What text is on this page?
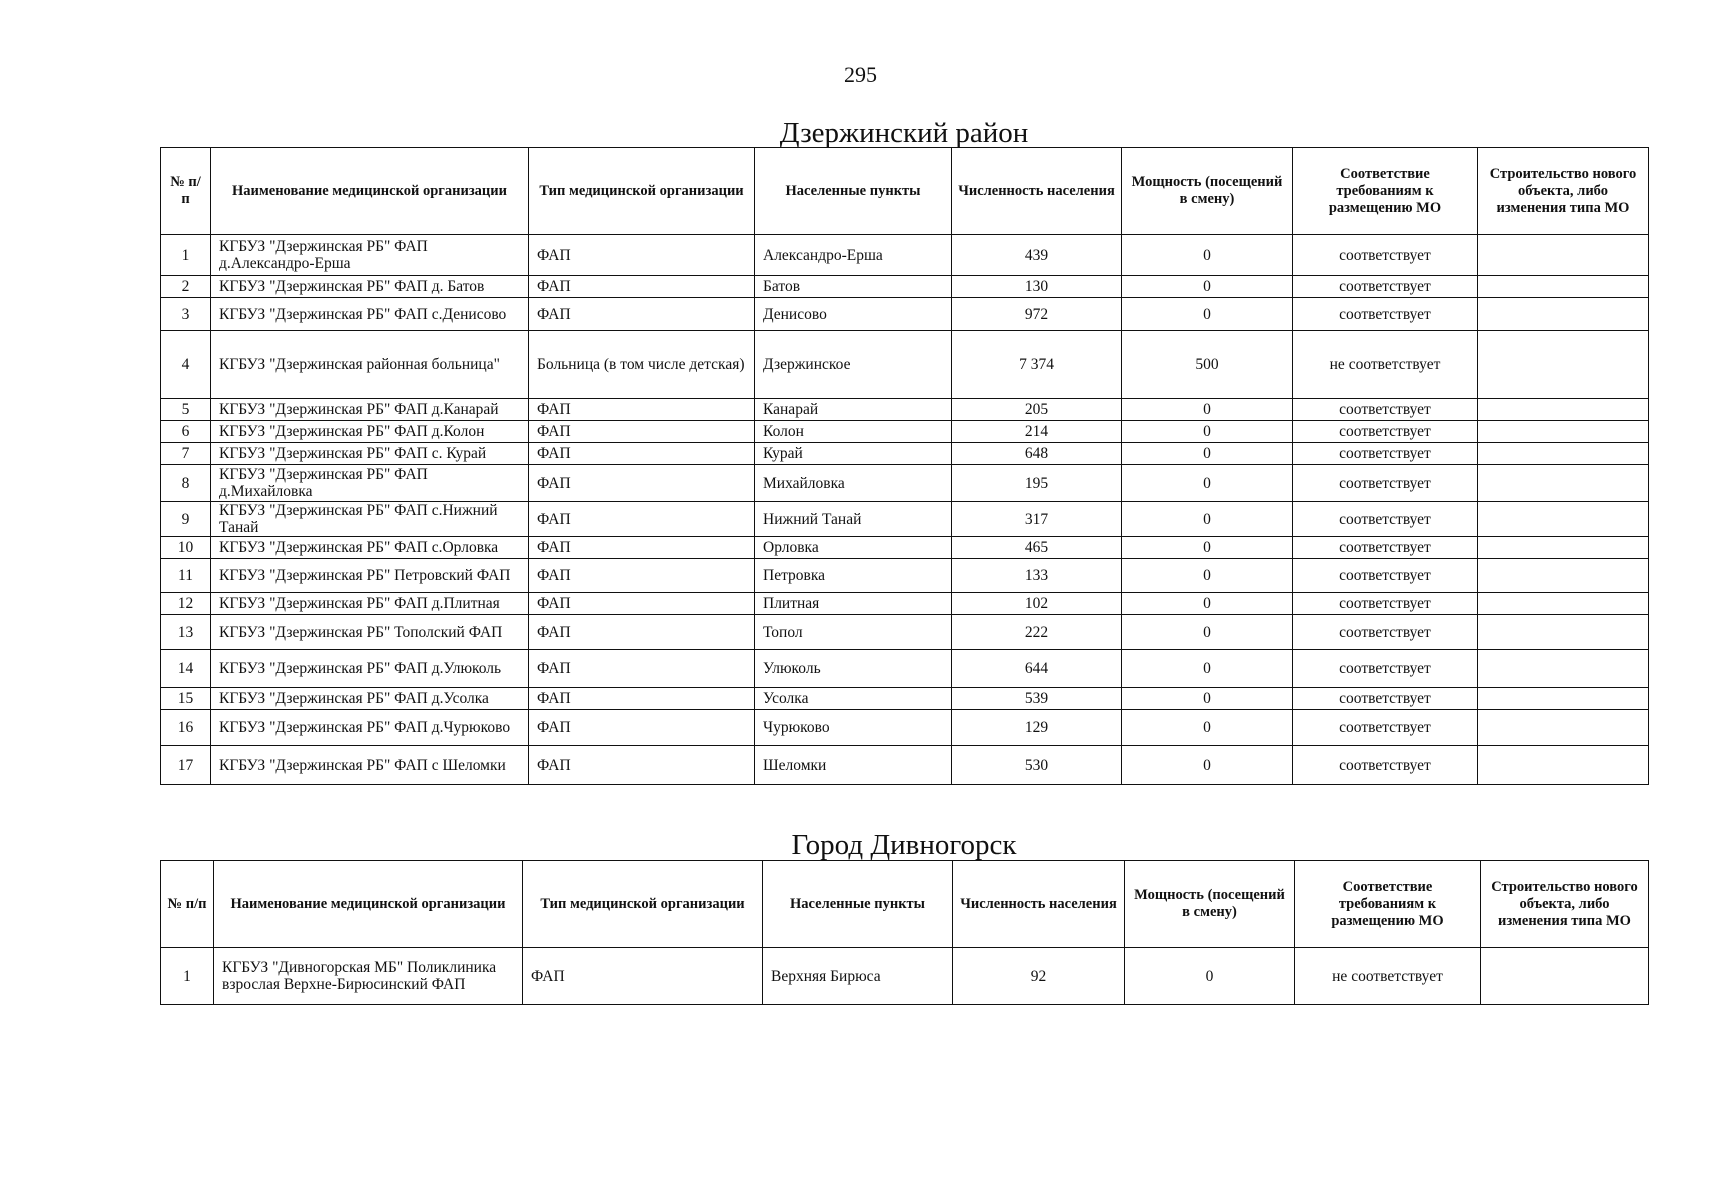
295
Дзержинский район
№ п/п	Наименование медицинской организации	Тип медицинской организации	Населенные пункты	Численность населения	Мощность (посещений в смену)	Соответствие требованиям к размещению МО	Строительство нового объекта, либо изменения типа МО
1	КГБУЗ "Дзержинская РБ" ФАП д.Александро-Ерша	ФАП	Александро-Ерша	439	0	соответствует	
2	КГБУЗ "Дзержинская РБ" ФАП д. Батов	ФАП	Батов	130	0	соответствует	
3	КГБУЗ "Дзержинская РБ" ФАП с.Денисово	ФАП	Денисово	972	0	соответствует	
4	КГБУЗ "Дзержинская районная больница"	Больница (в том числе детская)	Дзержинское	7 374	500	не соответствует	
5	КГБУЗ "Дзержинская РБ" ФАП д.Канарай	ФАП	Канарай	205	0	соответствует	
6	КГБУЗ "Дзержинская РБ" ФАП д.Колон	ФАП	Колон	214	0	соответствует	
7	КГБУЗ "Дзержинская РБ" ФАП с. Курай	ФАП	Курай	648	0	соответствует	
8	КГБУЗ "Дзержинская РБ" ФАП д.Михайловка	ФАП	Михайловка	195	0	соответствует	
9	КГБУЗ "Дзержинская РБ" ФАП с.Нижний Танай	ФАП	Нижний Танай	317	0	соответствует	
10	КГБУЗ "Дзержинская РБ" ФАП с.Орловка	ФАП	Орловка	465	0	соответствует	
11	КГБУЗ "Дзержинская РБ" Петровский ФАП	ФАП	Петровка	133	0	соответствует	
12	КГБУЗ "Дзержинская РБ" ФАП д.Плитная	ФАП	Плитная	102	0	соответствует	
13	КГБУЗ "Дзержинская РБ" Тополский ФАП	ФАП	Топол	222	0	соответствует	
14	КГБУЗ "Дзержинская РБ" ФАП д.Улюколь	ФАП	Улюколь	644	0	соответствует	
15	КГБУЗ "Дзержинская РБ" ФАП д.Усолка	ФАП	Усолка	539	0	соответствует	
16	КГБУЗ "Дзержинская РБ" ФАП д.Чурюково	ФАП	Чурюково	129	0	соответствует	
17	КГБУЗ "Дзержинская РБ" ФАП с Шеломки	ФАП	Шеломки	530	0	соответствует	
Город Дивногорск
№ п/п	Наименование медицинской организации	Тип медицинской организации	Населенные пункты	Численность населения	Мощность (посещений в смену)	Соответствие требованиям к размещению МО	Строительство нового объекта, либо изменения типа МО
1	КГБУЗ "Дивногорская МБ" Поликлиника взрослая Верхне-Бирюсинский ФАП	ФАП	Верхняя Бирюса	92	0	не соответствует	
